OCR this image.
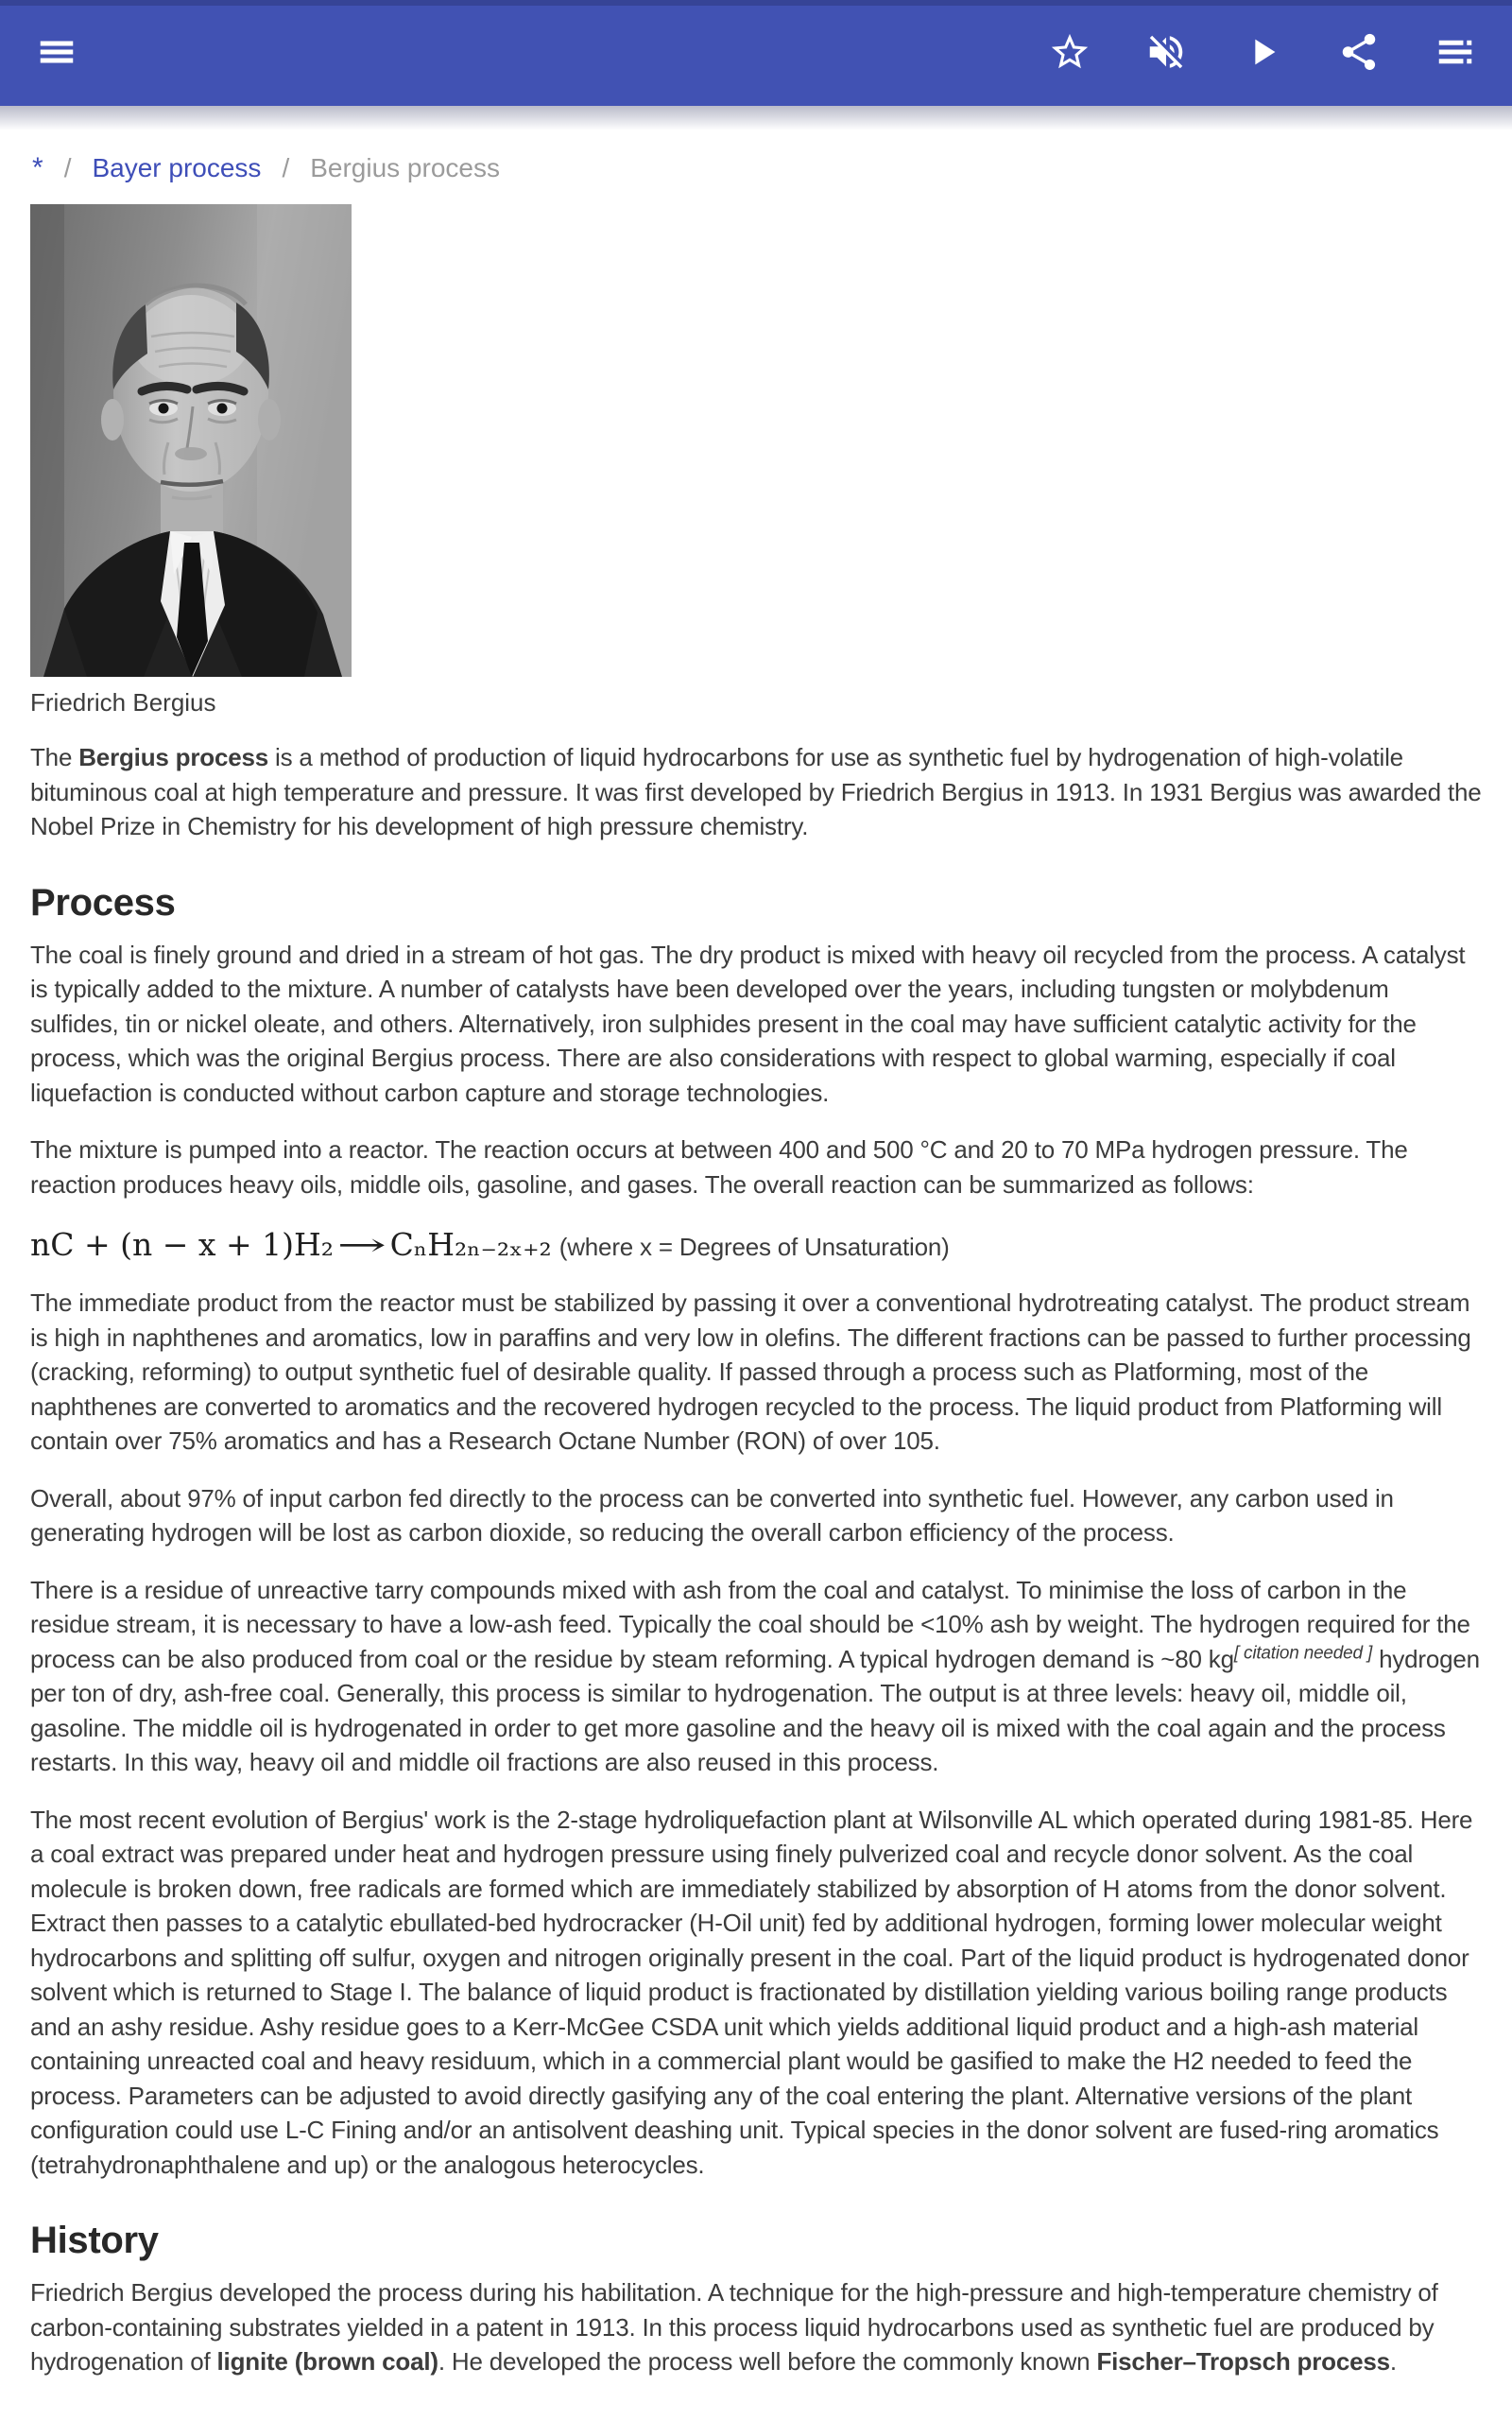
* / Bayer process / Bergius process
Friedrich Bergius

The Bergius process is a method of production of liquid hydrocarbons for use as synthetic fuel by hydrogenation of high-volatile bituminous coal at high temperature and pressure. It was first developed by Friedrich Bergius in 1913. In 1931 Bergius was awarded the Nobel Prize in Chemistry for his development of high pressure chemistry.

Process

The coal is finely ground and dried in a stream of hot gas. The dry product is mixed with heavy oil recycled from the process. A catalyst is typically added to the mixture. A number of catalysts have been developed over the years, including tungsten or molybdenum sulfides, tin or nickel oleate, and others. Alternatively, iron sulphides present in the coal may have sufficient catalytic activity for the process, which was the original Bergius process. There are also considerations with respect to global warming, especially if coal liquefaction is conducted without carbon capture and storage technologies.

The mixture is pumped into a reactor. The reaction occurs at between 400 and 500 °C and 20 to 70 MPa hydrogen pressure. The reaction produces heavy oils, middle oils, gasoline, and gases. The overall reaction can be summarized as follows:

nC + (n − x + 1)H₂ → CₙH₂ₙ₋₂ₓ₊₂ (where x = Degrees of Unsaturation)

The immediate product from the reactor must be stabilized by passing it over a conventional hydrotreating catalyst. The product stream is high in naphthenes and aromatics, low in paraffins and very low in olefins. The different fractions can be passed to further processing (cracking, reforming) to output synthetic fuel of desirable quality. If passed through a process such as Platforming, most of the naphthenes are converted to aromatics and the recovered hydrogen recycled to the process. The liquid product from Platforming will contain over 75% aromatics and has a Research Octane Number (RON) of over 105.

Overall, about 97% of input carbon fed directly to the process can be converted into synthetic fuel. However, any carbon used in generating hydrogen will be lost as carbon dioxide, so reducing the overall carbon efficiency of the process.

There is a residue of unreactive tarry compounds mixed with ash from the coal and catalyst. To minimise the loss of carbon in the residue stream, it is necessary to have a low-ash feed. Typically the coal should be <10% ash by weight. The hydrogen required for the process can be also produced from coal or the residue by steam reforming. A typical hydrogen demand is ~80 kg[ citation needed ] hydrogen per ton of dry, ash-free coal. Generally, this process is similar to hydrogenation. The output is at three levels: heavy oil, middle oil, gasoline. The middle oil is hydrogenated in order to get more gasoline and the heavy oil is mixed with the coal again and the process restarts. In this way, heavy oil and middle oil fractions are also reused in this process.

The most recent evolution of Bergius' work is the 2-stage hydroliquefaction plant at Wilsonville AL which operated during 1981-85. Here a coal extract was prepared under heat and hydrogen pressure using finely pulverized coal and recycle donor solvent. As the coal molecule is broken down, free radicals are formed which are immediately stabilized by absorption of H atoms from the donor solvent. Extract then passes to a catalytic ebullated-bed hydrocracker (H-Oil unit) fed by additional hydrogen, forming lower molecular weight hydrocarbons and splitting off sulfur, oxygen and nitrogen originally present in the coal. Part of the liquid product is hydrogenated donor solvent which is returned to Stage I. The balance of liquid product is fractionated by distillation yielding various boiling range products and an ashy residue. Ashy residue goes to a Kerr-McGee CSDA unit which yields additional liquid product and a high-ash material containing unreacted coal and heavy residuum, which in a commercial plant would be gasified to make the H2 needed to feed the process. Parameters can be adjusted to avoid directly gasifying any of the coal entering the plant. Alternative versions of the plant configuration could use L-C Fining and/or an antisolvent deashing unit. Typical species in the donor solvent are fused-ring aromatics (tetrahydronaphthalene and up) or the analogous heterocycles.

History

Friedrich Bergius developed the process during his habilitation. A technique for the high-pressure and high-temperature chemistry of carbon-containing substrates yielded in a patent in 1913. In this process liquid hydrocarbons used as synthetic fuel are produced by hydrogenation of lignite (brown coal). He developed the process well before the commonly known Fischer–Tropsch process.
